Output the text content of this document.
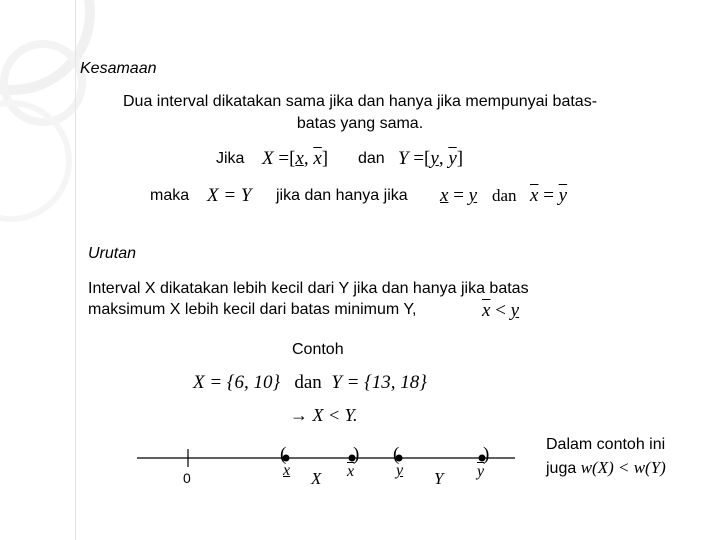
Kesamaan
Dua interval dikatakan sama jika dan hanya jika mempunyai batas-
batas yang sama.
Jika X =[x, $\overline{x}$] dan Y =[y, $\overline{y}$]
maka X = Y jika dan hanya jika x = y dan $\overline{x} = \overline{y}$
Urutan
Interval X dikatakan lebih kecil dari Y jika dan hanya jika batas
maksimum X lebih kecil dari batas minimum Y,	$\overline{x} < y$
Contoh
X = {6, 10} dan Y = {13, 18}
→ X < Y.
(	) (	)
0	x X $\overline{x}$	y Y $\overline{y}$
Dalam contoh ini
juga w(X) < w(Y)
